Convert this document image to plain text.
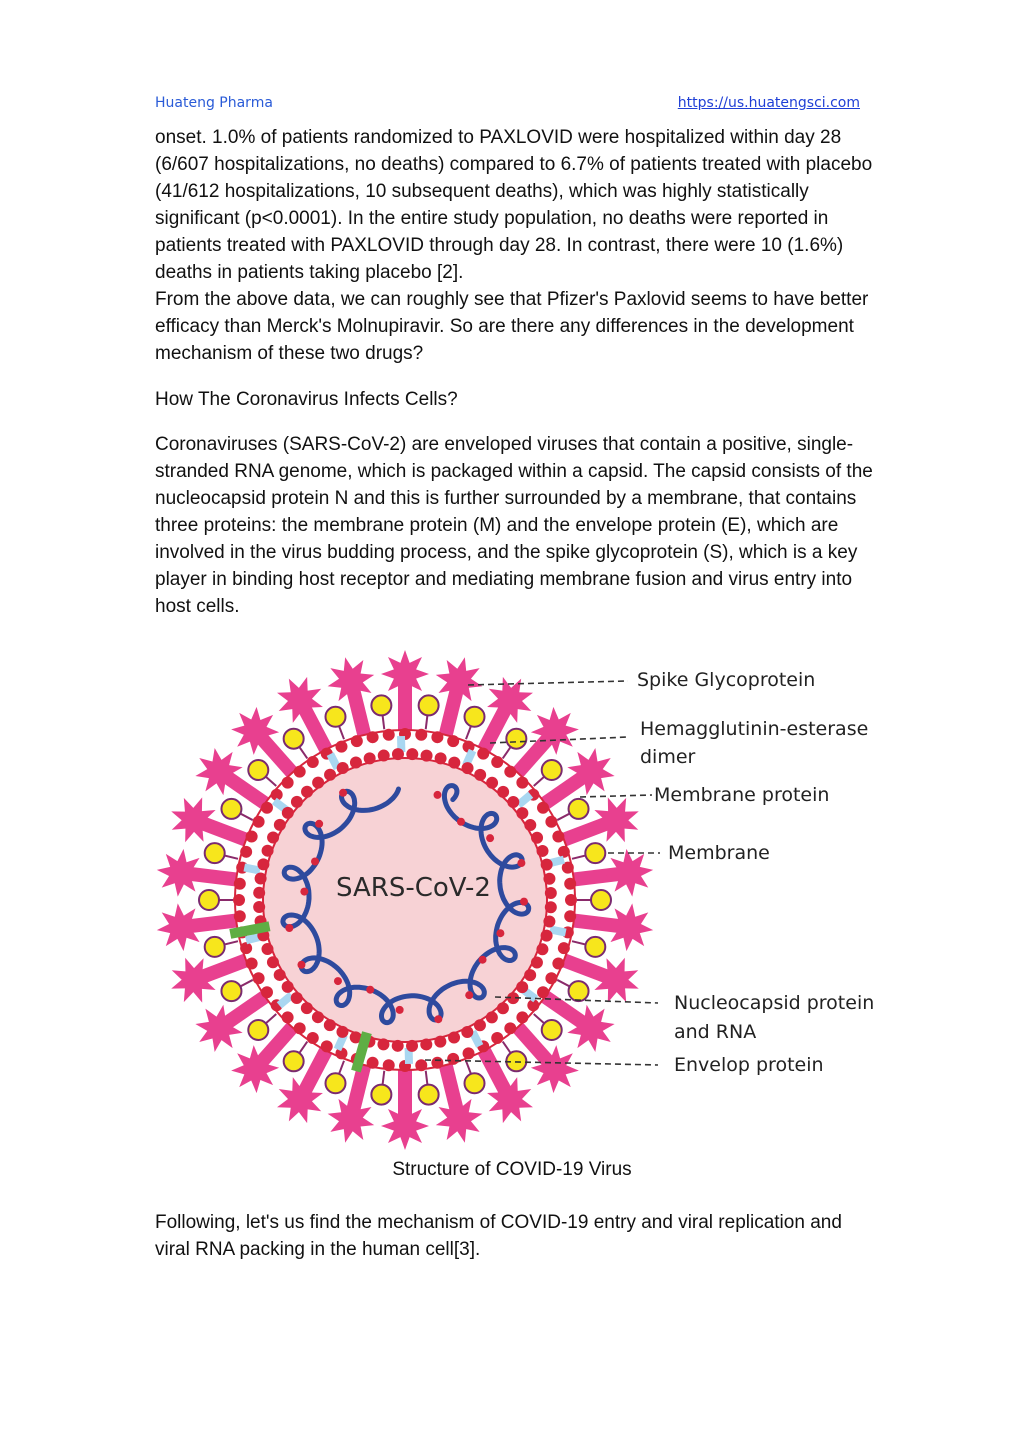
Huateng Pharma	https://us.huatengsci.com

onset. 1.0% of patients randomized to PAXLOVID were hospitalized within day 28 (6/607 hospitalizations, no deaths) compared to 6.7% of patients treated with placebo (41/612 hospitalizations, 10 subsequent deaths), which was highly statistically significant (p<0.0001). In the entire study population, no deaths were reported in patients treated with PAXLOVID through day 28. In contrast, there were 10 (1.6%) deaths in patients taking placebo [2].

From the above data, we can roughly see that Pfizer's Paxlovid seems to have better efficacy than Merck's Molnupiravir. So are there any differences in the development mechanism of these two drugs?

How The Coronavirus Infects Cells?

Coronaviruses (SARS-CoV-2) are enveloped viruses that contain a positive, single-stranded RNA genome, which is packaged within a capsid. The capsid consists of the nucleocapsid protein N and this is further surrounded by a membrane, that contains three proteins: the membrane protein (M) and the envelope protein (E), which are involved in the virus budding process, and the spike glycoprotein (S), which is a key player in binding host receptor and mediating membrane fusion and virus entry into host cells.

SARS-CoV-2
Spike Glycoprotein
Hemagglutinin-esterase
dimer
Membrane protein
Membrane
Nucleocapsid protein
and RNA
Envelop protein
Structure of COVID-19 Virus

Following, let's us find the mechanism of COVID-19 entry and viral replication and viral RNA packing in the human cell[3].
